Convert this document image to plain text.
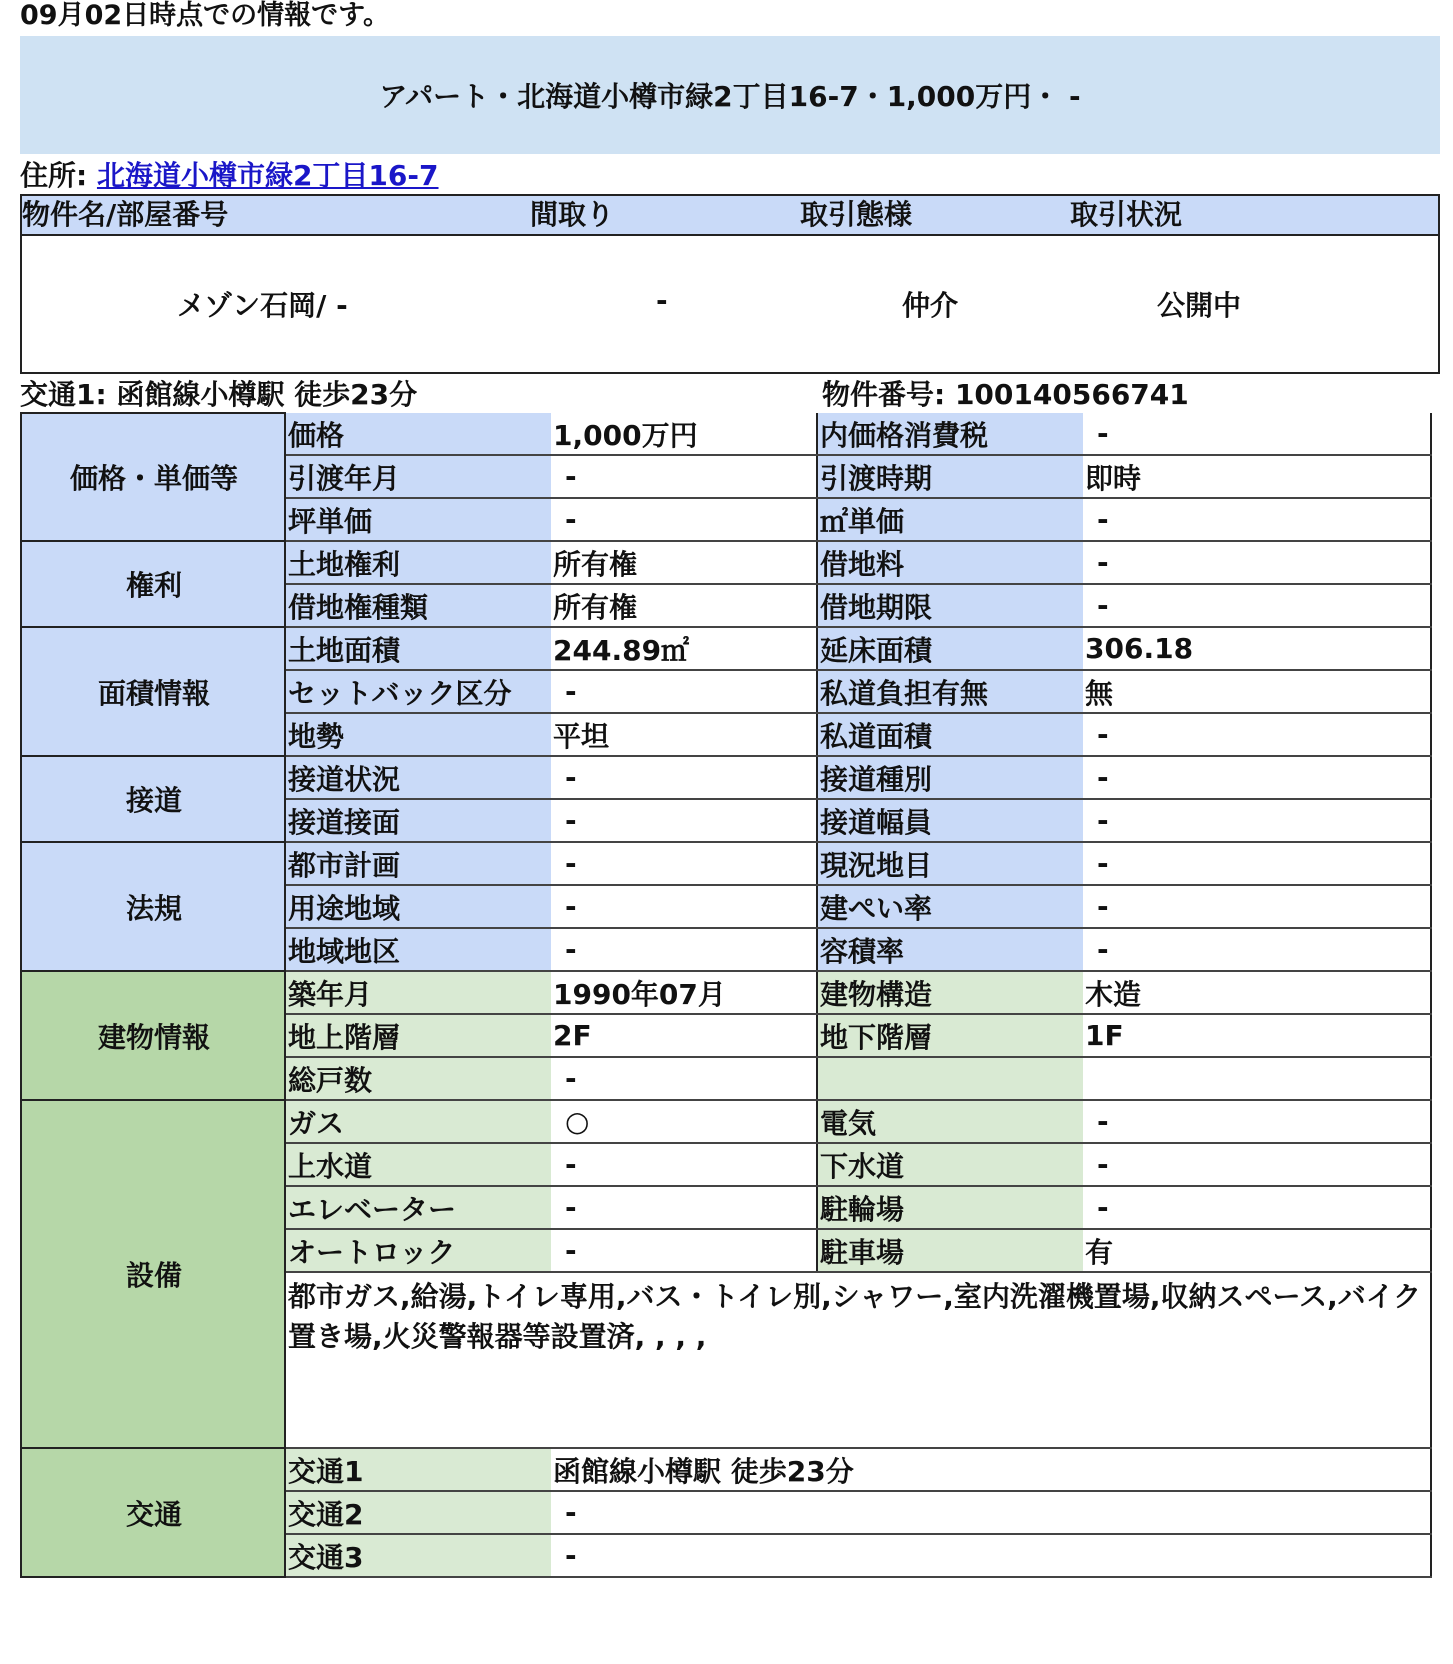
09月02日時点での情報です。
アパート・北海道小樽市緑2丁目16-7・1,000万円・ -
住所: 北海道小樽市緑2丁目16-7
物件名/部屋番号	間取り	取引態様	取引状況
メゾン石岡/ -	-	仲介	公開中
交通1: 函館線小樽駅 徒歩23分	物件番号: 100140566741
価格・単価等	価格	1,000万円	内価格消費税	-
	引渡年月	-	引渡時期	即時
	坪単価	-	㎡単価	-
権利	土地権利	所有権	借地料	-
	借地権種類	所有権	借地期限	-
面積情報	土地面積	244.89㎡	延床面積	306.18
	セットバック区分	-	私道負担有無	無
	地勢	平坦	私道面積	-
接道	接道状況	-	接道種別	-
	接道接面	-	接道幅員	-
法規	都市計画	-	現況地目	-
	用途地域	-	建ぺい率	-
	地域地区	-	容積率	-
建物情報	築年月	1990年07月	建物構造	木造
	地上階層	2F	地下階層	1F
	総戸数	-		
設備	ガス	○	電気	-
	上水道	-	下水道	-
	エレベーター	-	駐輪場	-
	オートロック	-	駐車場	有
	都市ガス,給湯,トイレ専用,バス・トイレ別,シャワー,室内洗濯機置場,収納スペース,バイク置き場,火災警報器等設置済, , , ,			
交通	交通1	函館線小樽駅 徒歩23分		
	交通2	-		
	交通3	-		
